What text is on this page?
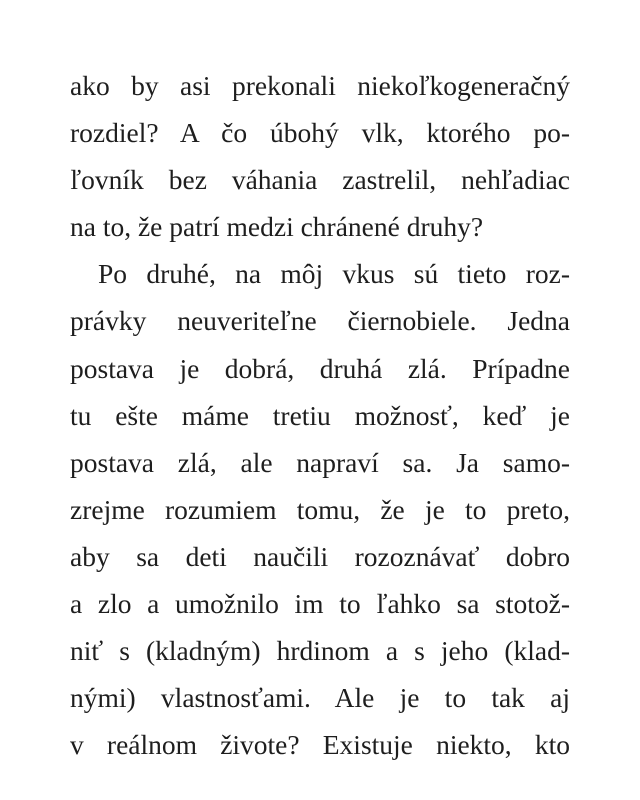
ako by asi prekonali niekoľkogeneračný
rozdiel? A čo úbohý vlk, ktorého po-
ľovník bez váhania zastrelil, nehľadiac
na to, že patrí medzi chránené druhy?
Po druhé, na môj vkus sú tieto roz-
právky neuveriteľne čiernobiele. Jedna
postava je dobrá, druhá zlá. Prípadne
tu ešte máme tretiu možnosť, keď je
postava zlá, ale napraví sa. Ja samo-
zrejme rozumiem tomu, že je to preto,
aby sa deti naučili rozoznávať dobro
a zlo a umožnilo im to ľahko sa stotož-
niť s (kladným) hrdinom a s jeho (klad-
nými) vlastnosťami. Ale je to tak aj
v reálnom živote? Existuje niekto, kto
